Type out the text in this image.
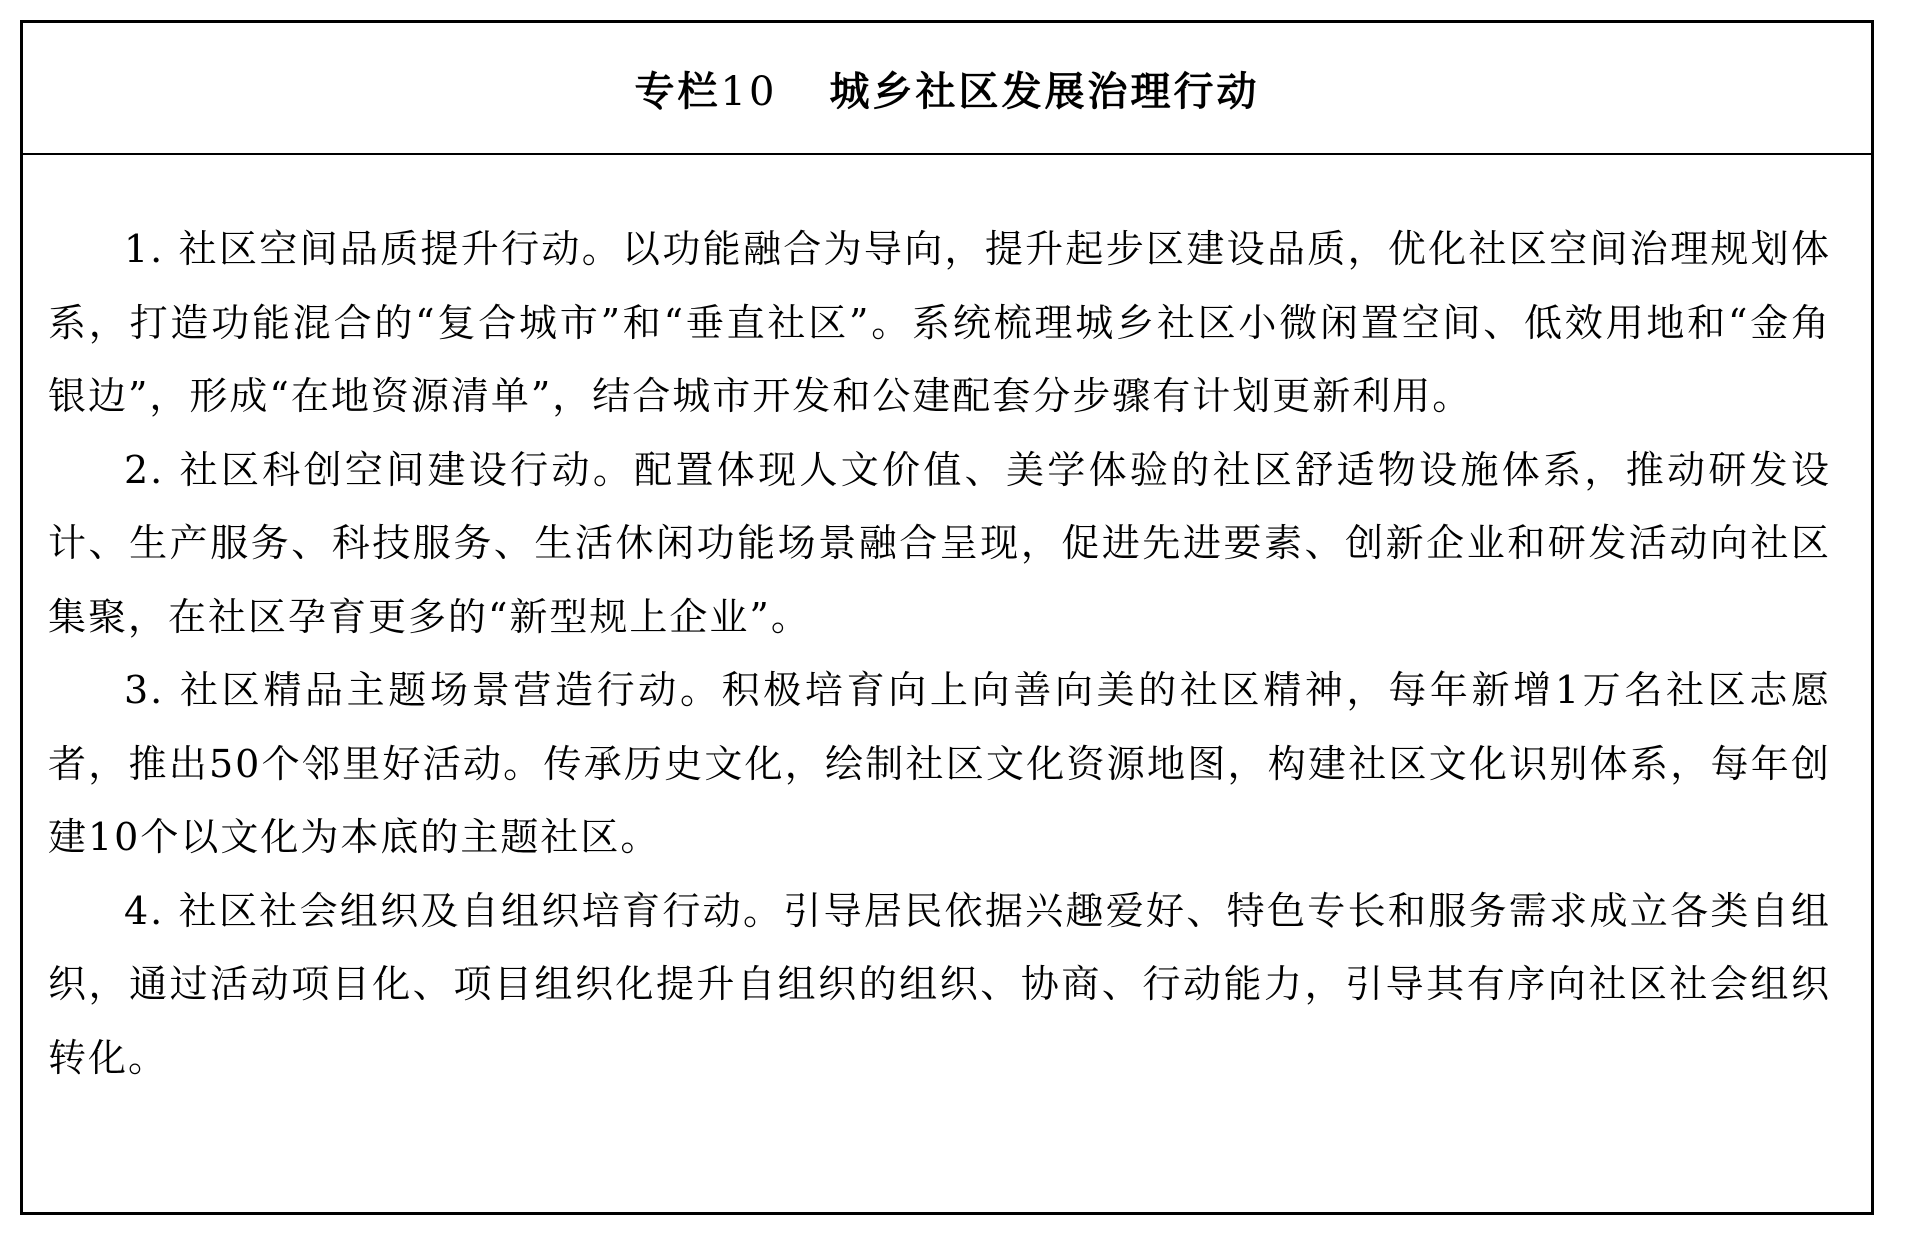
专栏10 城乡社区发展治理行动

1. 社区空间品质提升行动。以功能融合为导向，提升起步区建设品质，优化社区空间治理规划体系，打造功能混合的“复合城市”和“垂直社区”。系统梳理城乡社区小微闲置空间、低效用地和“金角银边”，形成“在地资源清单”，结合城市开发和公建配套分步骤有计划更新利用。

2. 社区科创空间建设行动。配置体现人文价值、美学体验的社区舒适物设施体系，推动研发设计、生产服务、科技服务、生活休闲功能场景融合呈现，促进先进要素、创新企业和研发活动向社区集聚，在社区孕育更多的“新型规上企业”。

3. 社区精品主题场景营造行动。积极培育向上向善向美的社区精神，每年新增1万名社区志愿者，推出50个邻里好活动。传承历史文化，绘制社区文化资源地图，构建社区文化识别体系，每年创建10个以文化为本底的主题社区。

4. 社区社会组织及自组织培育行动。引导居民依据兴趣爱好、特色专长和服务需求成立各类自组织，通过活动项目化、项目组织化提升自组织的组织、协商、行动能力，引导其有序向社区社会组织转化。
